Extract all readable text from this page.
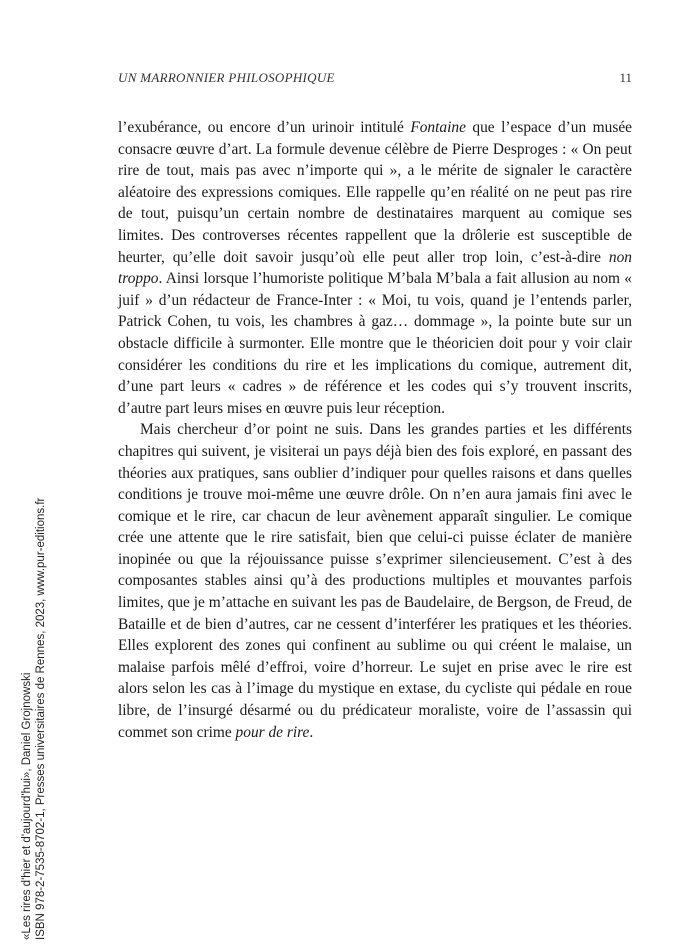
UN MARRONNIER PHILOSOPHIQUE	11

l’exubérance, ou encore d’un urinoir intitulé Fontaine que l’espace d’un musée consacre œuvre d’art. La formule devenue célèbre de Pierre Desproges : « On peut rire de tout, mais pas avec n’importe qui », a le mérite de signaler le caractère aléatoire des expressions comiques. Elle rappelle qu’en réalité on ne peut pas rire de tout, puisqu’un certain nombre de destinataires marquent au comique ses limites. Des controverses récentes rappellent que la drôlerie est susceptible de heurter, qu’elle doit savoir jusqu’où elle peut aller trop loin, c’est-à-dire non troppo. Ainsi lorsque l’humoriste politique M’bala M’bala a fait allusion au nom « juif » d’un rédacteur de France-Inter : « Moi, tu vois, quand je l’entends parler, Patrick Cohen, tu vois, les chambres à gaz… dommage », la pointe bute sur un obstacle difficile à surmonter. Elle montre que le théoricien doit pour y voir clair considérer les conditions du rire et les implications du comique, autrement dit, d’une part leurs « cadres » de référence et les codes qui s’y trouvent inscrits, d’autre part leurs mises en œuvre puis leur réception.

Mais chercheur d’or point ne suis. Dans les grandes parties et les différents chapitres qui suivent, je visiterai un pays déjà bien des fois exploré, en passant des théories aux pratiques, sans oublier d’indiquer pour quelles raisons et dans quelles conditions je trouve moi-même une œuvre drôle. On n’en aura jamais fini avec le comique et le rire, car chacun de leur avènement apparaît singulier. Le comique crée une attente que le rire satisfait, bien que celui-ci puisse éclater de manière inopinée ou que la réjouissance puisse s’exprimer silencieusement. C’est à des composantes stables ainsi qu’à des productions multiples et mouvantes parfois limites, que je m’attache en suivant les pas de Baudelaire, de Bergson, de Freud, de Bataille et de bien d’autres, car ne cessent d’interférer les pratiques et les théories. Elles explorent des zones qui confinent au sublime ou qui créent le malaise, un malaise parfois mêlé d’effroi, voire d’horreur. Le sujet en prise avec le rire est alors selon les cas à l’image du mystique en extase, du cycliste qui pédale en roue libre, de l’insurgé désarmé ou du prédicateur moraliste, voire de l’assassin qui commet son crime pour de rire.

«Les rires d'hier et d'aujourd'hui», Daniel Grojnowski ISBN 978-2-7535-8702-1, Presses universitaires de Rennes, 2023, www.pur-editions.fr
